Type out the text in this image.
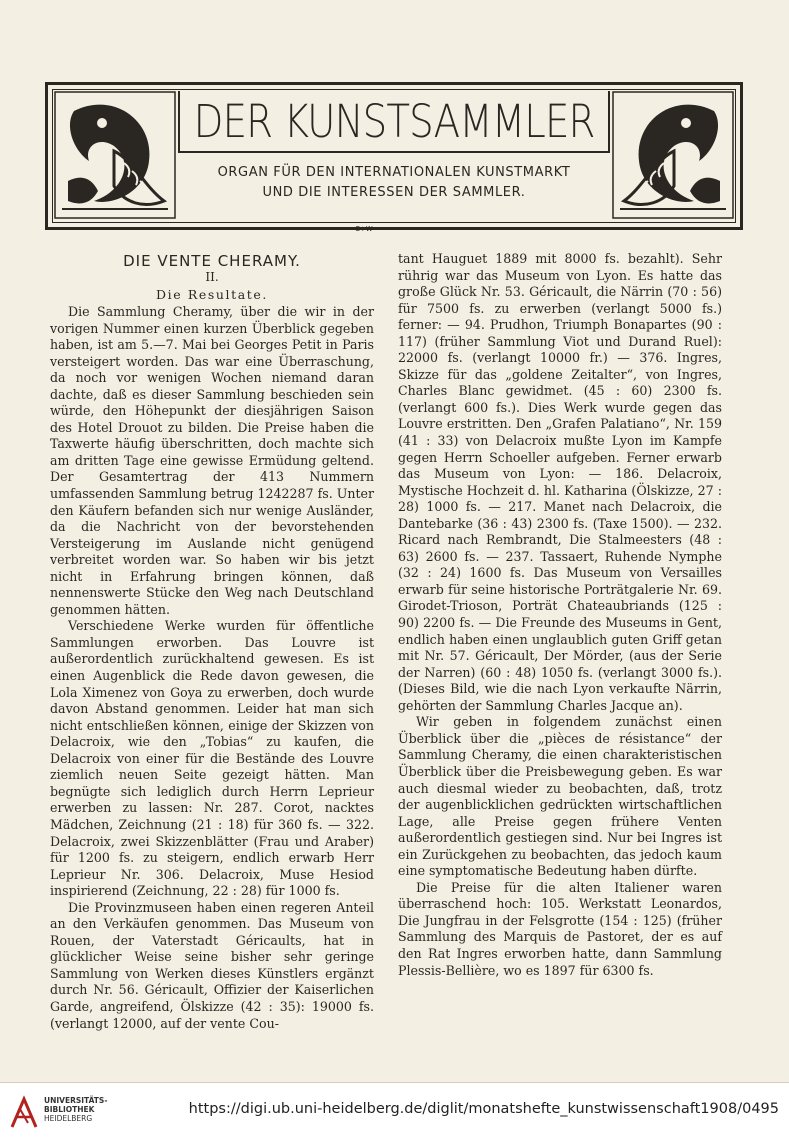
DER KUNSTSAMMLER
ORGAN FÜR DEN INTERNATIONALEN KUNSTMARKT
UND DIE INTERESSEN DER SAMMLER.
C+W

DIE VENTE CHERAMY.

II.

Die Resultate.

Die Sammlung Cheramy, über die wir in der vorigen Nummer einen kurzen Überblick gegeben haben, ist am 5.—7. Mai bei Georges Petit in Paris versteigert worden. Das war eine Überraschung, da noch vor wenigen Wochen niemand daran dachte, daß es dieser Sammlung beschieden sein würde, den Höhepunkt der diesjährigen Saison des Hotel Drouot zu bilden. Die Preise haben die Taxwerte häufig überschritten, doch machte sich am dritten Tage eine gewisse Ermüdung geltend. Der Gesamtertrag der 413 Nummern umfassenden Sammlung betrug 1242287 fs. Unter den Käufern befanden sich nur wenige Ausländer, da die Nachricht von der bevorstehenden Versteigerung im Auslande nicht genügend verbreitet worden war. So haben wir bis jetzt nicht in Erfahrung bringen können, daß nennenswerte Stücke den Weg nach Deutschland genommen hätten.

Verschiedene Werke wurden für öffentliche Sammlungen erworben. Das Louvre ist außerordentlich zurückhaltend gewesen. Es ist einen Augenblick die Rede davon gewesen, die Lola Ximenez von Goya zu erwerben, doch wurde davon Abstand genommen. Leider hat man sich nicht entschließen können, einige der Skizzen von Delacroix, wie den „Tobias“ zu kaufen, die Delacroix von einer für die Bestände des Louvre ziemlich neuen Seite gezeigt hätten. Man begnügte sich lediglich durch Herrn Leprieur erwerben zu lassen: Nr. 287. Corot, nacktes Mädchen, Zeichnung (21 : 18) für 360 fs. — 322. Delacroix, zwei Skizzenblätter (Frau und Araber) für 1200 fs. zu steigern, endlich erwarb Herr Leprieur Nr. 306. Delacroix, Muse Hesiod inspirierend (Zeichnung, 22 : 28) für 1000 fs.

Die Provinzmuseen haben einen regeren Anteil an den Verkäufen genommen. Das Museum von Rouen, der Vaterstadt Géricaults, hat in glücklicher Weise seine bisher sehr geringe Sammlung von Werken dieses Künstlers ergänzt durch Nr. 56. Géricault, Offizier der Kaiserlichen Garde, angreifend, Ölskizze (42 : 35): 19000 fs. (verlangt 12000, auf der vente Cou-

tant Hauguet 1889 mit 8000 fs. bezahlt). Sehr rührig war das Museum von Lyon. Es hatte das große Glück Nr. 53. Géricault, die Närrin (70 : 56) für 7500 fs. zu erwerben (verlangt 5000 fs.) ferner: — 94. Prudhon, Triumph Bonapartes (90 : 117) (früher Sammlung Viot und Durand Ruel): 22000 fs. (verlangt 10000 fr.) — 376. Ingres, Skizze für das „goldene Zeitalter“, von Ingres, Charles Blanc gewidmet. (45 : 60) 2300 fs. (verlangt 600 fs.). Dies Werk wurde gegen das Louvre erstritten. Den „Grafen Palatiano“, Nr. 159 (41 : 33) von Delacroix mußte Lyon im Kampfe gegen Herrn Schoeller aufgeben. Ferner erwarb das Museum von Lyon: — 186. Delacroix, Mystische Hochzeit d. hl. Katharina (Ölskizze, 27 : 28) 1000 fs. — 217. Manet nach Delacroix, die Dantebarke (36 : 43) 2300 fs. (Taxe 1500). — 232. Ricard nach Rembrandt, Die Stalmeesters (48 : 63) 2600 fs. — 237. Tassaert, Ruhende Nymphe (32 : 24) 1600 fs. Das Museum von Versailles erwarb für seine historische Porträtgalerie Nr. 69. Girodet-Trioson, Porträt Chateaubriands (125 : 90) 2200 fs. — Die Freunde des Museums in Gent, endlich haben einen unglaublich guten Griff getan mit Nr. 57. Géricault, Der Mörder, (aus der Serie der Narren) (60 : 48) 1050 fs. (verlangt 3000 fs.). (Dieses Bild, wie die nach Lyon verkaufte Närrin, gehörten der Sammlung Charles Jacque an).

Wir geben in folgendem zunächst einen Überblick über die „pièces de résistance“ der Sammlung Cheramy, die einen charakteristischen Überblick über die Preisbewegung geben. Es war auch diesmal wieder zu beobachten, daß, trotz der augenblicklichen gedrückten wirtschaftlichen Lage, alle Preise gegen frühere Venten außerordentlich gestiegen sind. Nur bei Ingres ist ein Zurückgehen zu beobachten, das jedoch kaum eine symptomatische Bedeutung haben dürfte.

Die Preise für die alten Italiener waren überraschend hoch: 105. Werkstatt Leonardos, Die Jungfrau in der Felsgrotte (154 : 125) (früher Sammlung des Marquis de Pastoret, der es auf den Rat Ingres erworben hatte, dann Sammlung Plessis-Bellière, wo es 1897 für 6300 fs.

UNIVERSITÄTS-
BIBLIOTHEK
HEIDELBERG
https://digi.ub.uni-heidelberg.de/diglit/monatshefte_kunstwissenschaft1908/0495
